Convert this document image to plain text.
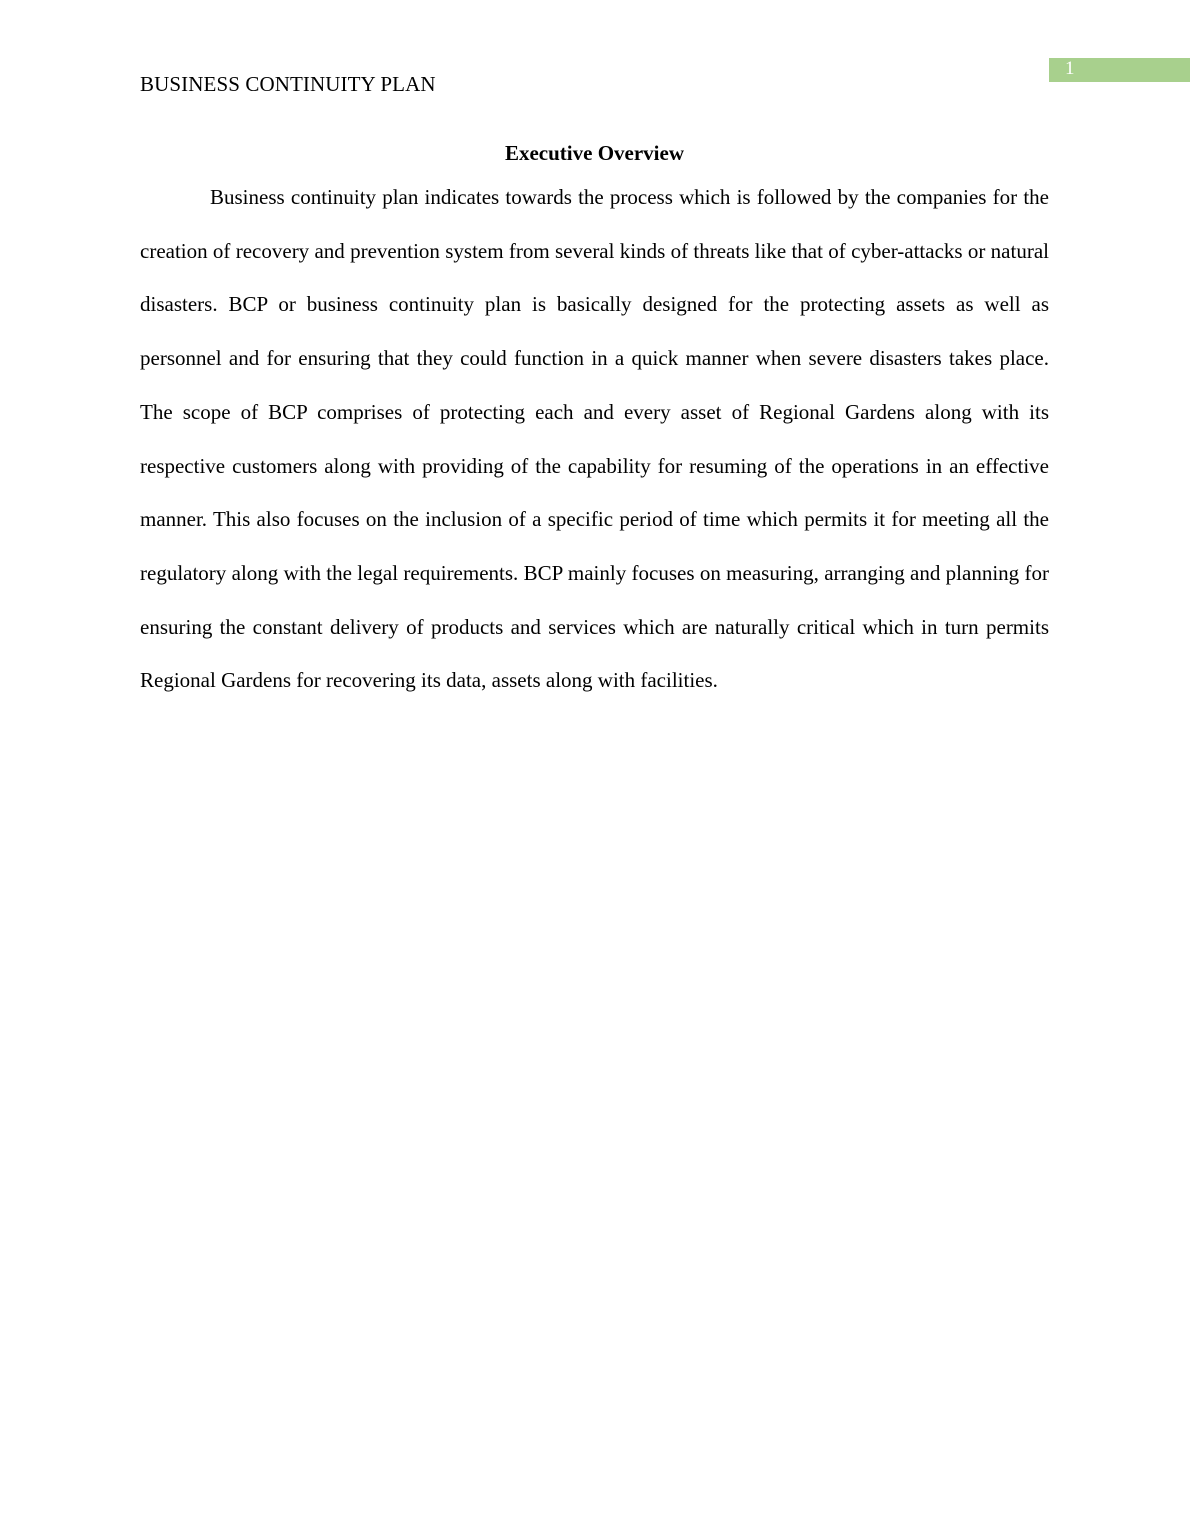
BUSINESS CONTINUITY PLAN
1
Executive Overview

Business continuity plan indicates towards the process which is followed by the companies for the creation of recovery and prevention system from several kinds of threats like that of cyber-attacks or natural disasters. BCP or business continuity plan is basically designed for the protecting assets as well as personnel and for ensuring that they could function in a quick manner when severe disasters takes place. The scope of BCP comprises of protecting each and every asset of Regional Gardens along with its respective customers along with providing of the capability for resuming of the operations in an effective manner. This also focuses on the inclusion of a specific period of time which permits it for meeting all the regulatory along with the legal requirements. BCP mainly focuses on measuring, arranging and planning for ensuring the constant delivery of products and services which are naturally critical which in turn permits Regional Gardens for recovering its data, assets along with facilities.
